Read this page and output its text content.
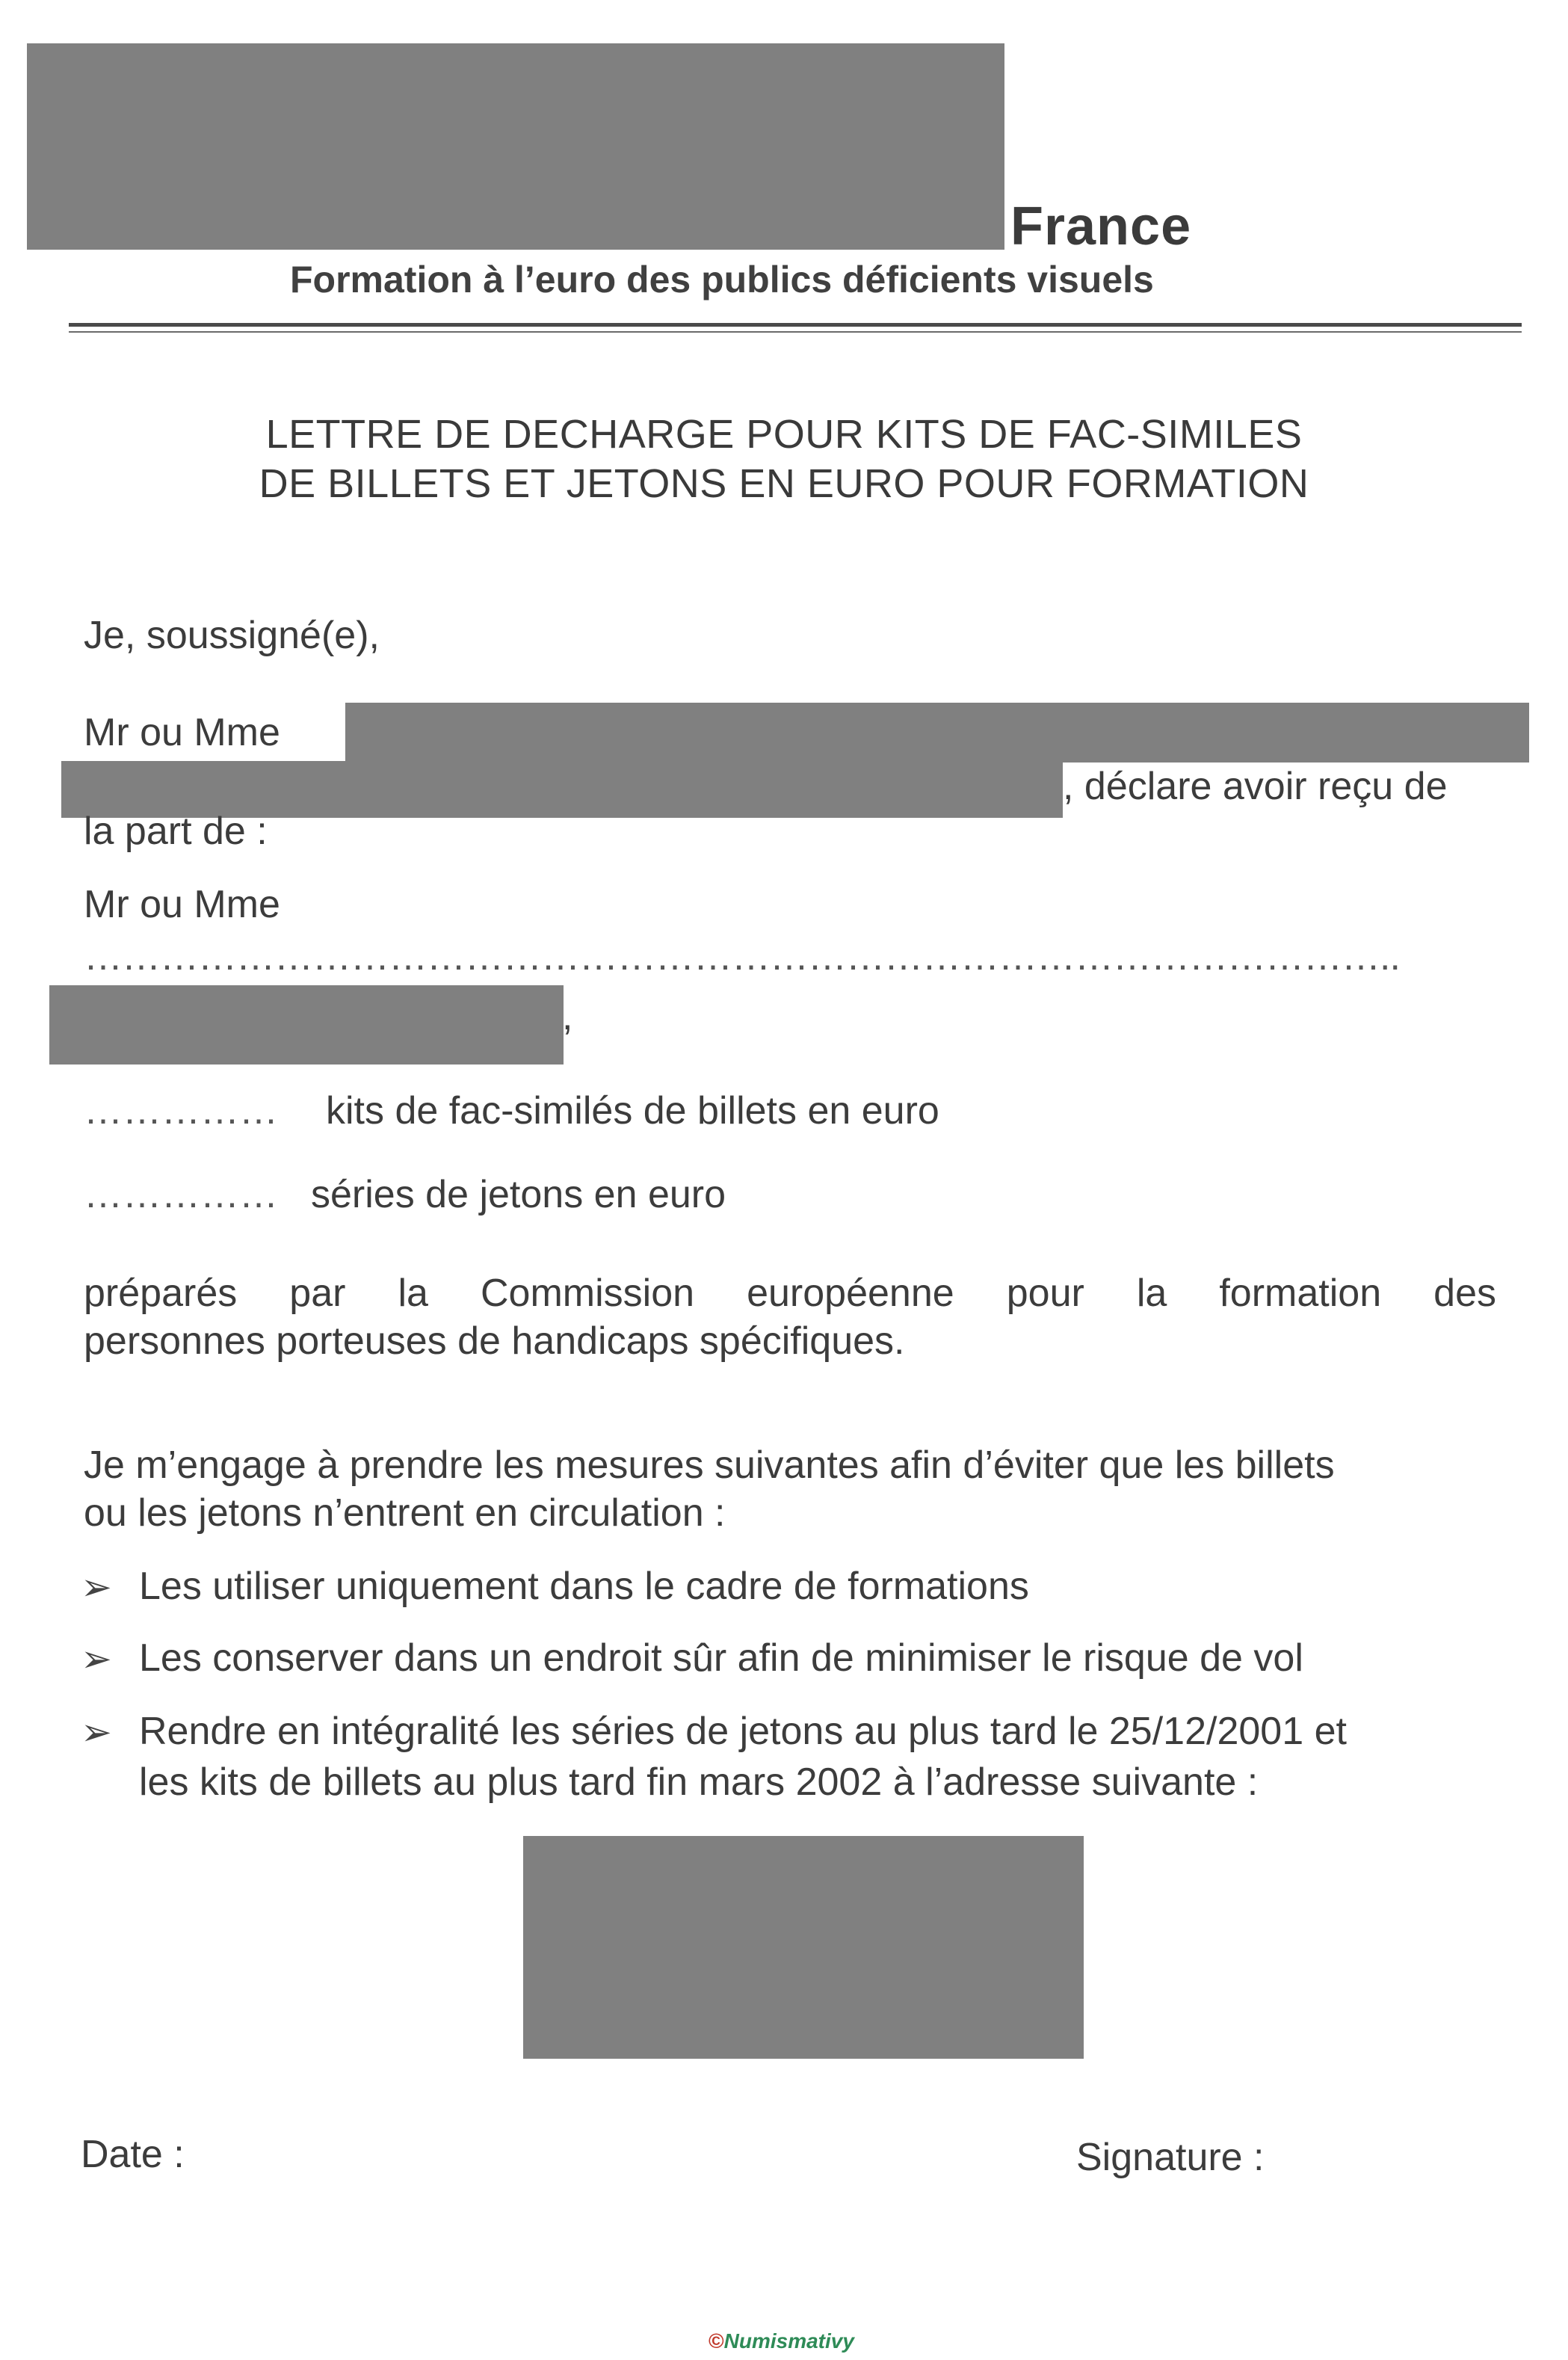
France
Formation à l’euro des publics déficients visuels
LETTRE DE DECHARGE POUR KITS DE FAC-SIMILES
DE BILLETS ET JETONS EN EURO POUR FORMATION
Je, soussigné(e),
Mr ou Mme
, déclare avoir reçu de
la part de :
Mr ou Mme
…………………………………………………………………………………………..
,
…………… kits de fac-similés de billets en euro
…………… séries de jetons en euro
préparés par la Commission européenne pour la formation des
personnes porteuses de handicaps spécifiques.
Je m’engage à prendre les mesures suivantes afin d’éviter que les billets
ou les jetons n’entrent en circulation :
➢ Les utiliser uniquement dans le cadre de formations
➢ Les conserver dans un endroit sûr afin de minimiser le risque de vol
➢ Rendre en intégralité les séries de jetons au plus tard le 25/12/2001 et
les kits de billets au plus tard fin mars 2002 à l’adresse suivante :
Date :	Signature :
©Numismativy
